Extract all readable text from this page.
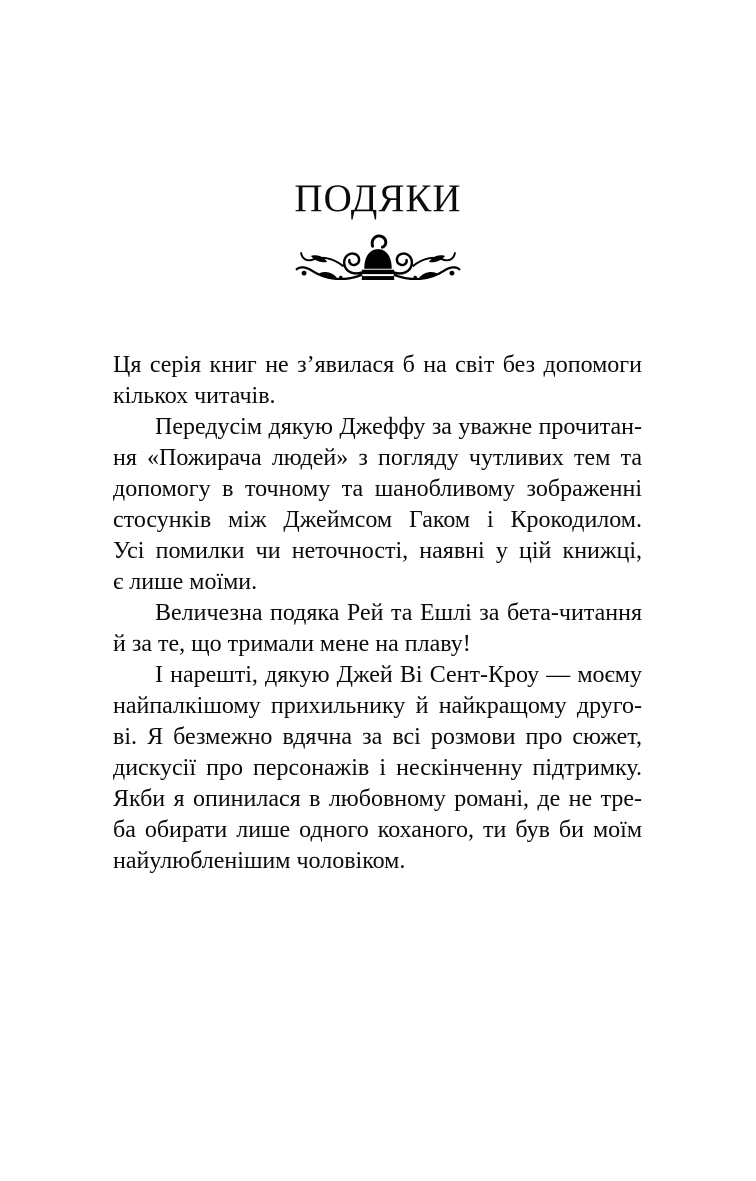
ПОДЯКИ
Ця серія книг не з’явилася б на світ без допомоги
кількох читачів.
Передусім дякую Джеффу за уважне прочитан-
ня «Пожирача людей» з погляду чутливих тем та
допомогу в точному та шанобливому зображенні
стосунків між Джеймсом Гаком і Крокодилом.
Усі помилки чи неточності, наявні у цій книжці,
є лише моїми.
Величезна подяка Рей та Ешлі за бета-читання
й за те, що тримали мене на плаву!
І нарешті, дякую Джей Ві Сент-Кроу — моєму
найпалкішому прихильнику й найкращому друго-
ві. Я безмежно вдячна за всі розмови про сюжет,
дискусії про персонажів і нескінченну підтримку.
Якби я опинилася в любовному романі, де не тре-
ба обирати лише одного коханого, ти був би моїм
найулюбленішим чоловіком.
